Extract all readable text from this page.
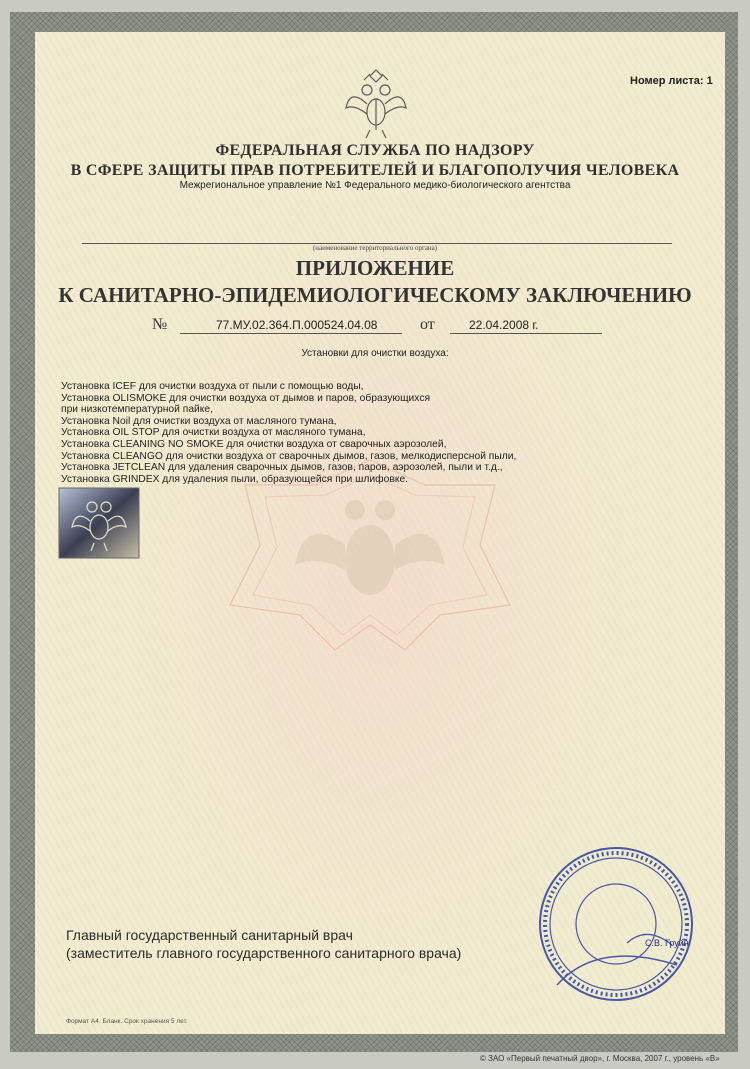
Номер листа: 1
ФЕДЕРАЛЬНАЯ СЛУЖБА ПО НАДЗОРУ
В СФЕРЕ ЗАЩИТЫ ПРАВ ПОТРЕБИТЕЛЕЙ И БЛАГОПОЛУЧИЯ ЧЕЛОВЕКА
Межрегиональное управление №1 Федерального медико-биологического агентства
(наименование территориального органа)
ПРИЛОЖЕНИЕ
К САНИТАРНО-ЭПИДЕМИОЛОГИЧЕСКОМУ ЗАКЛЮЧЕНИЮ
№	77.МУ.02.364.П.000524.04.08	от	22.04.2008 г.
Установки для очистки воздуха:
Установка ICEF для очистки воздуха от пыли с помощью воды,
Установка OLISMOKE для очистки воздуха от дымов и паров, образующихся
при низкотемпературной пайке,
Установка Noil для очистки воздуха от масляного тумана,
Установка OIL STOP для очистки воздуха от масляного тумана,
Установка CLEANING NO SMOKE для очистки воздуха от сварочных аэрозолей,
Установка CLEANGO для очистки воздуха от сварочных дымов, газов, мелкодисперсной пыли,
Установка JETCLEAN для удаления сварочных дымов, газов, паров, аэрозолей, пыли и т.д.,
Установка GRINDEX для удаления пыли, образующейся при шлифовке.
Главный государственный санитарный врач
(заместитель главного государственного санитарного врача)
С.В. Груйн
Формат А4. Бланк. Срок хранения 5 лет.
© ЗАО «Первый печатный двор», г. Москва, 2007 г., уровень «В»
